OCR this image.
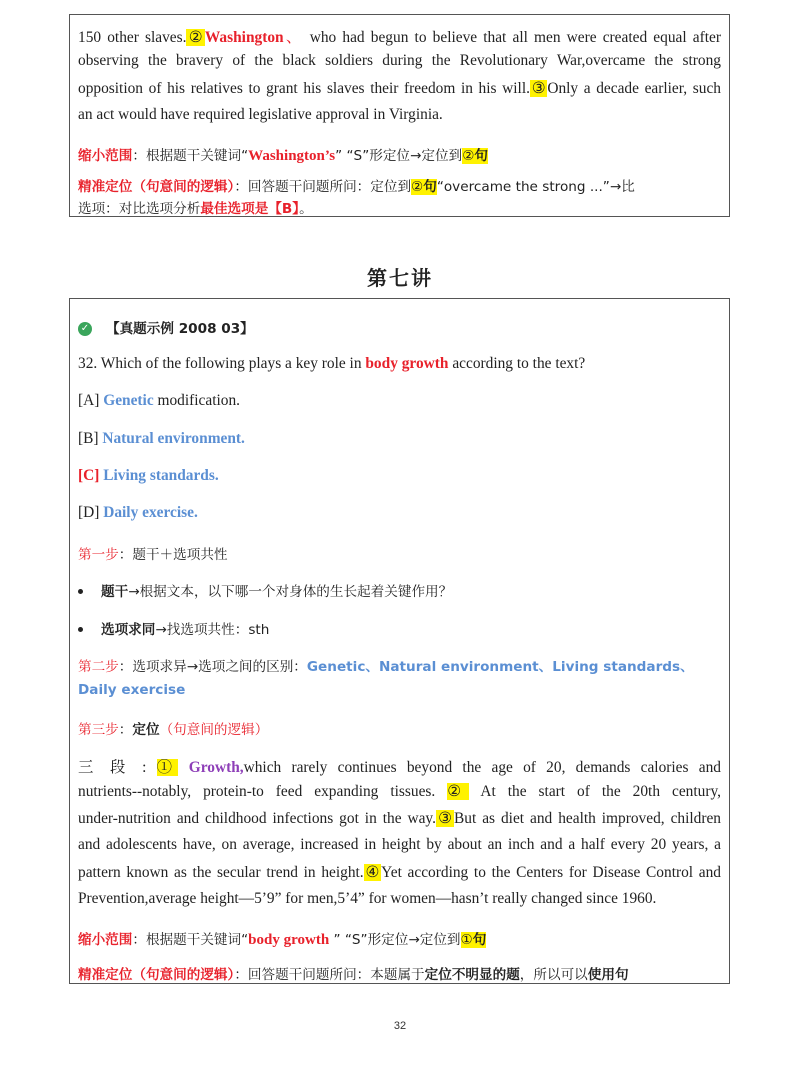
150 other slaves.②Washington、 who had begun to believe that all men were created equal after
observing the bravery of the black soldiers during the Revolutionary War,overcame the strong
opposition of his relatives to grant his slaves their freedom in his will.③Only a decade earlier, such
an act would have required legislative approval in Virginia.
缩小范围：根据题干关键词“Washington’s” “S”形定位→定位到②句
精准定位（句意间的逻辑）：回答题干问题所问：定位到②句“overcame the strong ...”→比
选项：对比选项分析最佳选项是【B】。
第七讲
✓ 【真题示例 2008 03】
32. Which of the following plays a key role in body growth according to the text?
[A] Genetic modification.
[B] Natural environment.
[C] Living standards.
[D] Daily exercise.
第一步：题干＋选项共性
题干→根据文本，以下哪一个对身体的生长起着关键作用？
选项求同→找选项共性：sth
第二步：选项求异→选项之间的区别：Genetic、Natural environment、Living standards、
Daily exercise
第三步：定位（句意间的逻辑）
三 段 : ① Growth,which rarely continues beyond the age of 20, demands calories and
nutrients--notably, protein-to feed expanding tissues. ② At the start of the 20th century,
under-nutrition and childhood infections got in the way.③But as diet and health improved, children
and adolescents have, on average, increased in height by about an inch and a half every 20 years, a
pattern known as the secular trend in height.④Yet according to the Centers for Disease Control and
Prevention,average height—5’9” for men,5’4” for women—hasn’t really changed since 1960.
缩小范围：根据题干关键词“body growth ” “S”形定位→定位到①句
精准定位（句意间的逻辑）：回答题干问题所问：本题属于定位不明显的题，所以可以使用句
32
